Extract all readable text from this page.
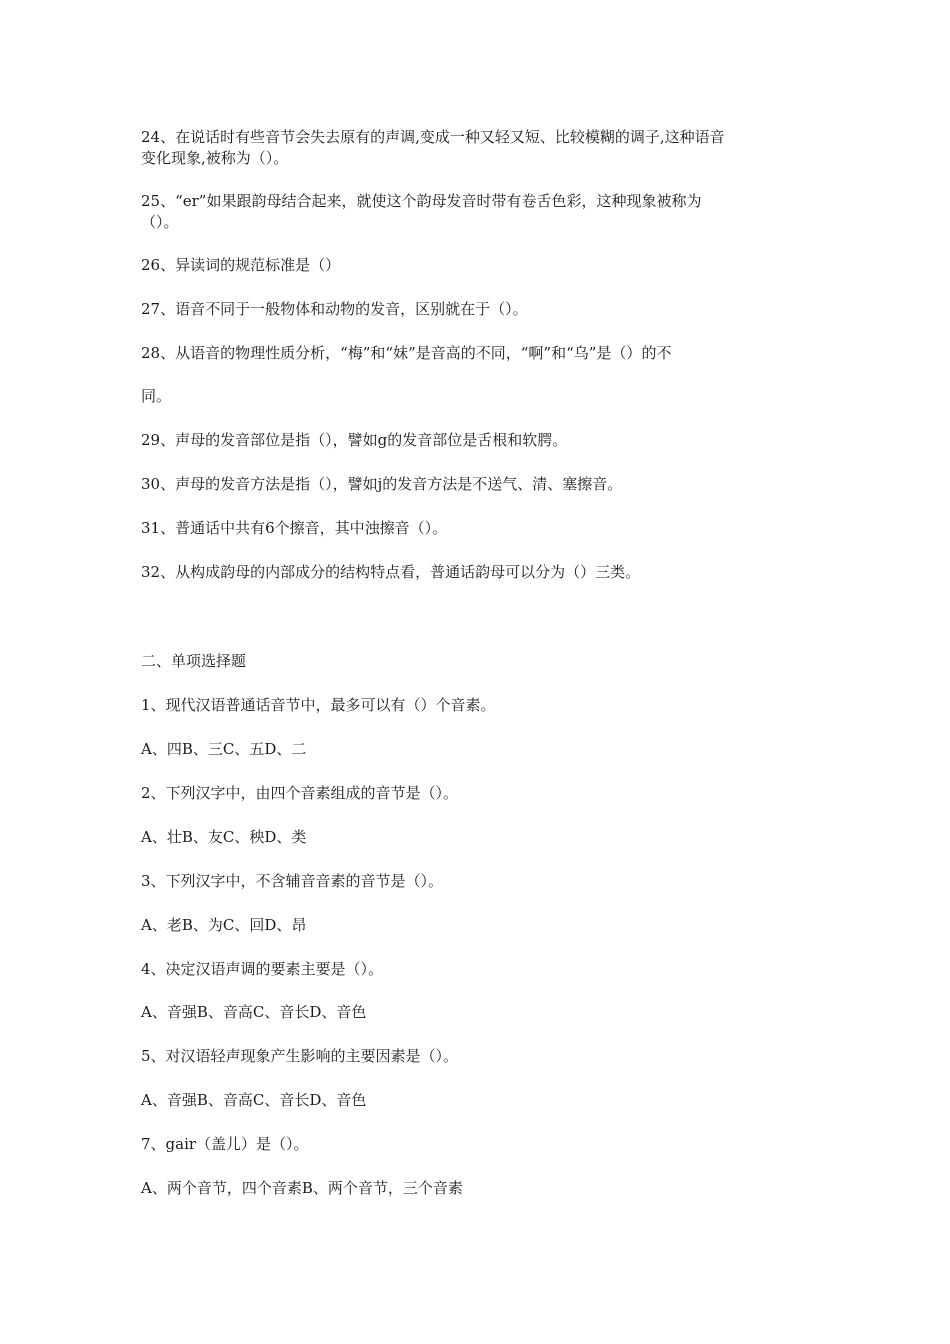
24、在说话时有些音节会失去原有的声调,变成一种又轻又短、比较模糊的调子,这种语音
变化现象,被称为（）。
25、“er”如果跟韵母结合起来，就使这个韵母发音时带有卷舌色彩，这种现象被称为
（）。
26、异读词的规范标准是（）
27、语音不同于一般物体和动物的发音，区别就在于（）。
28、从语音的物理性质分析，“梅”和“妹”是音高的不同，“啊”和“乌”是（）的不
同。
29、声母的发音部位是指（），譬如g的发音部位是舌根和软腭。
30、声母的发音方法是指（），譬如j的发音方法是不送气、清、塞擦音。
31、普通话中共有6个擦音，其中浊擦音（）。
32、从构成韵母的内部成分的结构特点看，普通话韵母可以分为（）三类。
二、单项选择题
1、现代汉语普通话音节中，最多可以有（）个音素。
A、四B、三C、五D、二
2、下列汉字中，由四个音素组成的音节是（）。
A、壮B、友C、秧D、类
3、下列汉字中，不含辅音音素的音节是（）。
A、老B、为C、回D、昂
4、决定汉语声调的要素主要是（）。
A、音强B、音高C、音长D、音色
5、对汉语轻声现象产生影响的主要因素是（）。
A、音强B、音高C、音长D、音色
7、gair（盖儿）是（）。
A、两个音节，四个音素B、两个音节，三个音素
